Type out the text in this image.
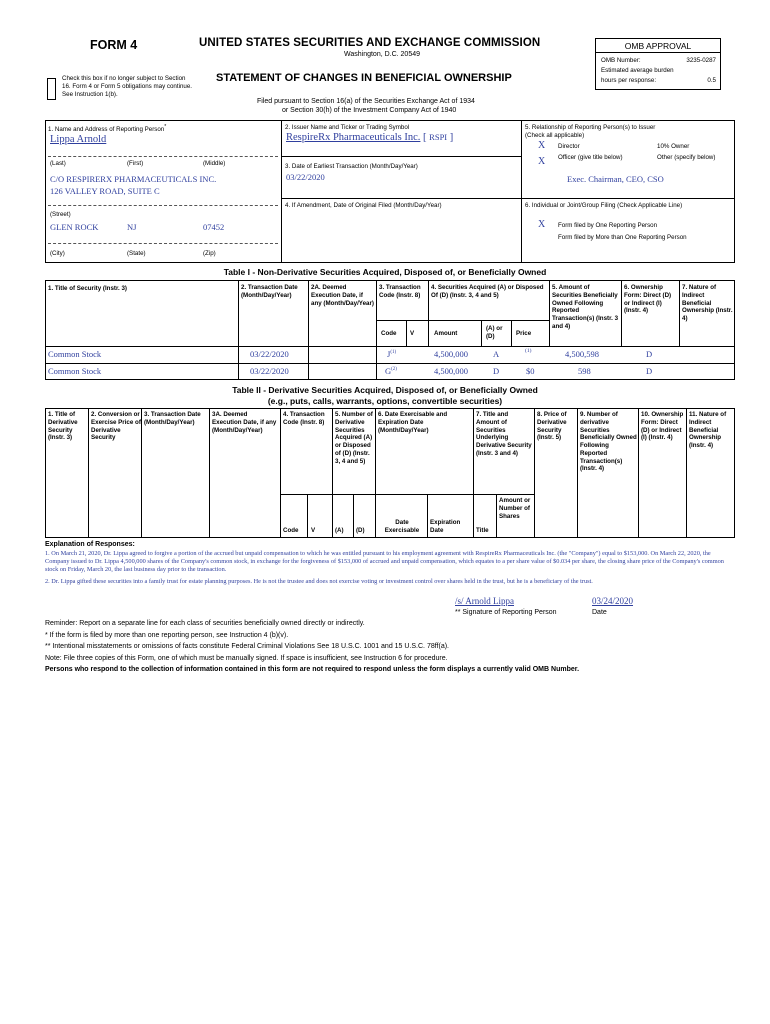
FORM 4	UNITED STATES SECURITIES AND EXCHANGE COMMISSION
Washington, D.C. 20549
Check this box if no longer subject to Section 16. Form 4 or Form 5 obligations may continue. See Instruction 1(b).
STATEMENT OF CHANGES IN BENEFICIAL OWNERSHIP
Filed pursuant to Section 16(a) of the Securities Exchange Act of 1934
or Section 30(h) of the Investment Company Act of 1940
OMB APPROVAL
OMB Number:	3235-0287
Estimated average burden
hours per response:	0.5
1. Name and Address of Reporting Person*
Lippa Arnold
(Last)	(First)	(Middle)
C/O RESPIRERX PHARMACEUTICALS INC.
126 VALLEY ROAD, SUITE C
(Street)
GLEN ROCK	NJ	07452
(City)	(State)	(Zip)
2. Issuer Name and Ticker or Trading Symbol
RespireRx Pharmaceuticals Inc. [ RSPI ]
3. Date of Earliest Transaction (Month/Day/Year)
03/22/2020
4. If Amendment, Date of Original Filed (Month/Day/Year)
5. Relationship of Reporting Person(s) to Issuer
(Check all applicable)
X Director	10% Owner
X Officer (give title below)	Other (specify below)
Exec. Chairman, CEO, CSO
6. Individual or Joint/Group Filing (Check Applicable Line)
X Form filed by One Reporting Person
Form filed by More than One Reporting Person
Table I - Non-Derivative Securities Acquired, Disposed of, or Beneficially Owned
1. Title of Security (Instr. 3)	2. Transaction Date (Month/Day/Year)
2A. Deemed Execution Date, if any (Month/Day/Year)
3. Transaction Code (Instr. 8)
4. Securities Acquired (A) or Disposed Of (D) (Instr. 3, 4 and 5)
5. Amount of Securities Beneficially Owned Following Reported Transaction(s) (Instr. 3 and 4)
6. Ownership Form: Direct (D) or Indirect (I) (Instr. 4)
7. Nature of Indirect Beneficial Ownership (Instr. 4)
Code V	Amount
(A) or (D)	Price
Common Stock	03/22/2020	$J^{(1)}$	4,500,000	A	(1)	4,500,598	D
Common Stock	03/22/2020	$G^{(2)}$	4,500,000	D	$0	598	D
Table II - Derivative Securities Acquired, Disposed of, or Beneficially Owned
(e.g., puts, calls, warrants, options, convertible securities)
1. Title of Derivative Security (Instr. 3)
2. Conversion or Exercise Price of Derivative Security
3. Transaction Date (Month/Day/Year)
3A. Deemed Execution Date, if any (Month/Day/Year)
4. Transaction Code (Instr. 8)
5. Number of Derivative Securities Acquired (A) or Disposed of (D) (Instr. 3, 4 and 5)
6. Date Exercisable and Expiration Date (Month/Day/Year)
7. Title and Amount of Securities Underlying Derivative Security (Instr. 3 and 4)
8. Price of Derivative Security (Instr. 5)
9. Number of derivative Securities Beneficially Owned Following Reported Transaction(s) (Instr. 4)
10. Ownership Form: Direct (D) or Indirect (I) (Instr. 4)
11. Nature of Indirect Beneficial Ownership (Instr. 4)
Code V	(A) (D)
Date Exercisable
Expiration Date	Title
Amount or Number of Shares
Explanation of Responses:
1. On March 21, 2020, Dr. Lippa agreed to forgive a portion of the accrued but unpaid compensation to which he was entitled pursuant to his employment agreement with RespireRx Pharmaceuticals Inc. (the "Company") equal to $153,000. On March 22, 2020, the Company issued to Dr. Lippa 4,500,000 shares of the Company's common stock, in exchange for the forgiveness of $153,000 of accrued and unpaid compensation, which equates to a per share value of $0.034 per share, the closing share price of the Company's common stock on Friday, March 20, the last business day prior to the transaction.
2. Dr. Lippa gifted these securities into a family trust for estate planning purposes. He is not the trustee and does not exercise voting or investment control over shares held in the trust, but he is a beneficiary of the trust.
/s/ Arnold Lippa	03/24/2020
** Signature of Reporting Person	Date
Reminder: Report on a separate line for each class of securities beneficially owned directly or indirectly.
* If the form is filed by more than one reporting person, see Instruction 4 (b)(v).
** Intentional misstatements or omissions of facts constitute Federal Criminal Violations See 18 U.S.C. 1001 and 15 U.S.C. 78ff(a).
Note: File three copies of this Form, one of which must be manually signed. If space is insufficient, see Instruction 6 for procedure.
Persons who respond to the collection of information contained in this form are not required to respond unless the form displays a currently valid OMB Number.
